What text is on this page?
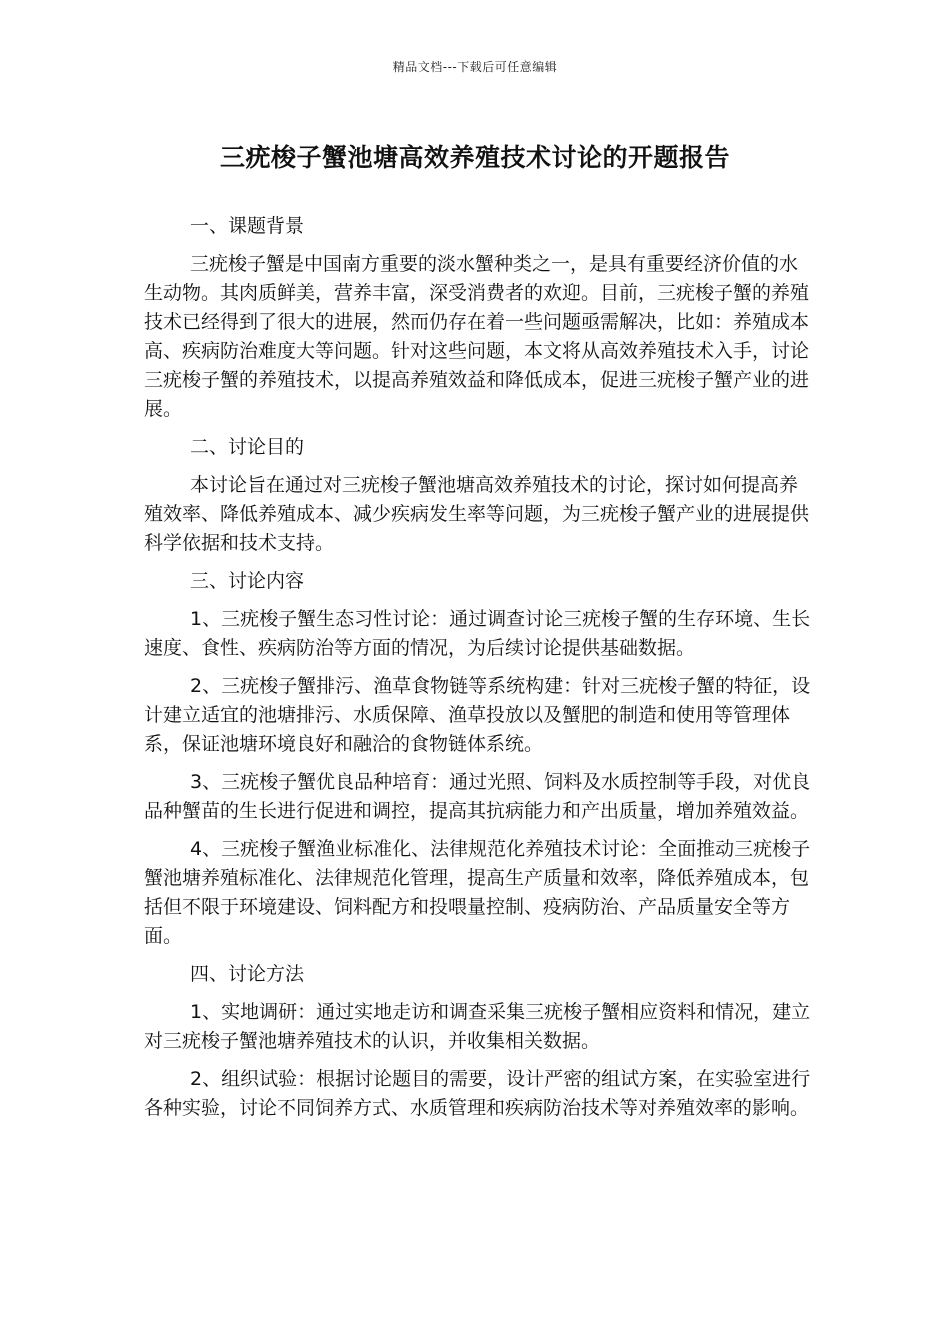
精品文档---下载后可任意编辑
三疣梭子蟹池塘高效养殖技术讨论的开题报告

一、课题背景

三疣梭子蟹是中国南方重要的淡水蟹种类之一，是具有重要经济价值的水生动物。其肉质鲜美，营养丰富，深受消费者的欢迎。目前，三疣梭子蟹的养殖技术已经得到了很大的进展，然而仍存在着一些问题亟需解决，比如：养殖成本高、疾病防治难度大等问题。针对这些问题，本文将从高效养殖技术入手，讨论三疣梭子蟹的养殖技术，以提高养殖效益和降低成本，促进三疣梭子蟹产业的进展。

二、讨论目的

本讨论旨在通过对三疣梭子蟹池塘高效养殖技术的讨论，探讨如何提高养殖效率、降低养殖成本、减少疾病发生率等问题，为三疣梭子蟹产业的进展提供科学依据和技术支持。

三、讨论内容

1、三疣梭子蟹生态习性讨论：通过调查讨论三疣梭子蟹的生存环境、生长速度、食性、疾病防治等方面的情况，为后续讨论提供基础数据。

2、三疣梭子蟹排污、渔草食物链等系统构建：针对三疣梭子蟹的特征，设计建立适宜的池塘排污、水质保障、渔草投放以及蟹肥的制造和使用等管理体系，保证池塘环境良好和融洽的食物链体系统。

3、三疣梭子蟹优良品种培育：通过光照、饲料及水质控制等手段，对优良品种蟹苗的生长进行促进和调控，提高其抗病能力和产出质量，增加养殖效益。

4、三疣梭子蟹渔业标准化、法律规范化养殖技术讨论：全面推动三疣梭子蟹池塘养殖标准化、法律规范化管理，提高生产质量和效率，降低养殖成本，包括但不限于环境建设、饲料配方和投喂量控制、疫病防治、产品质量安全等方面。

四、讨论方法

1、实地调研：通过实地走访和调查采集三疣梭子蟹相应资料和情况，建立对三疣梭子蟹池塘养殖技术的认识，并收集相关数据。

2、组织试验：根据讨论题目的需要，设计严密的组试方案，在实验室进行各种实验，讨论不同饲养方式、水质管理和疾病防治技术等对养殖效率的影响。
